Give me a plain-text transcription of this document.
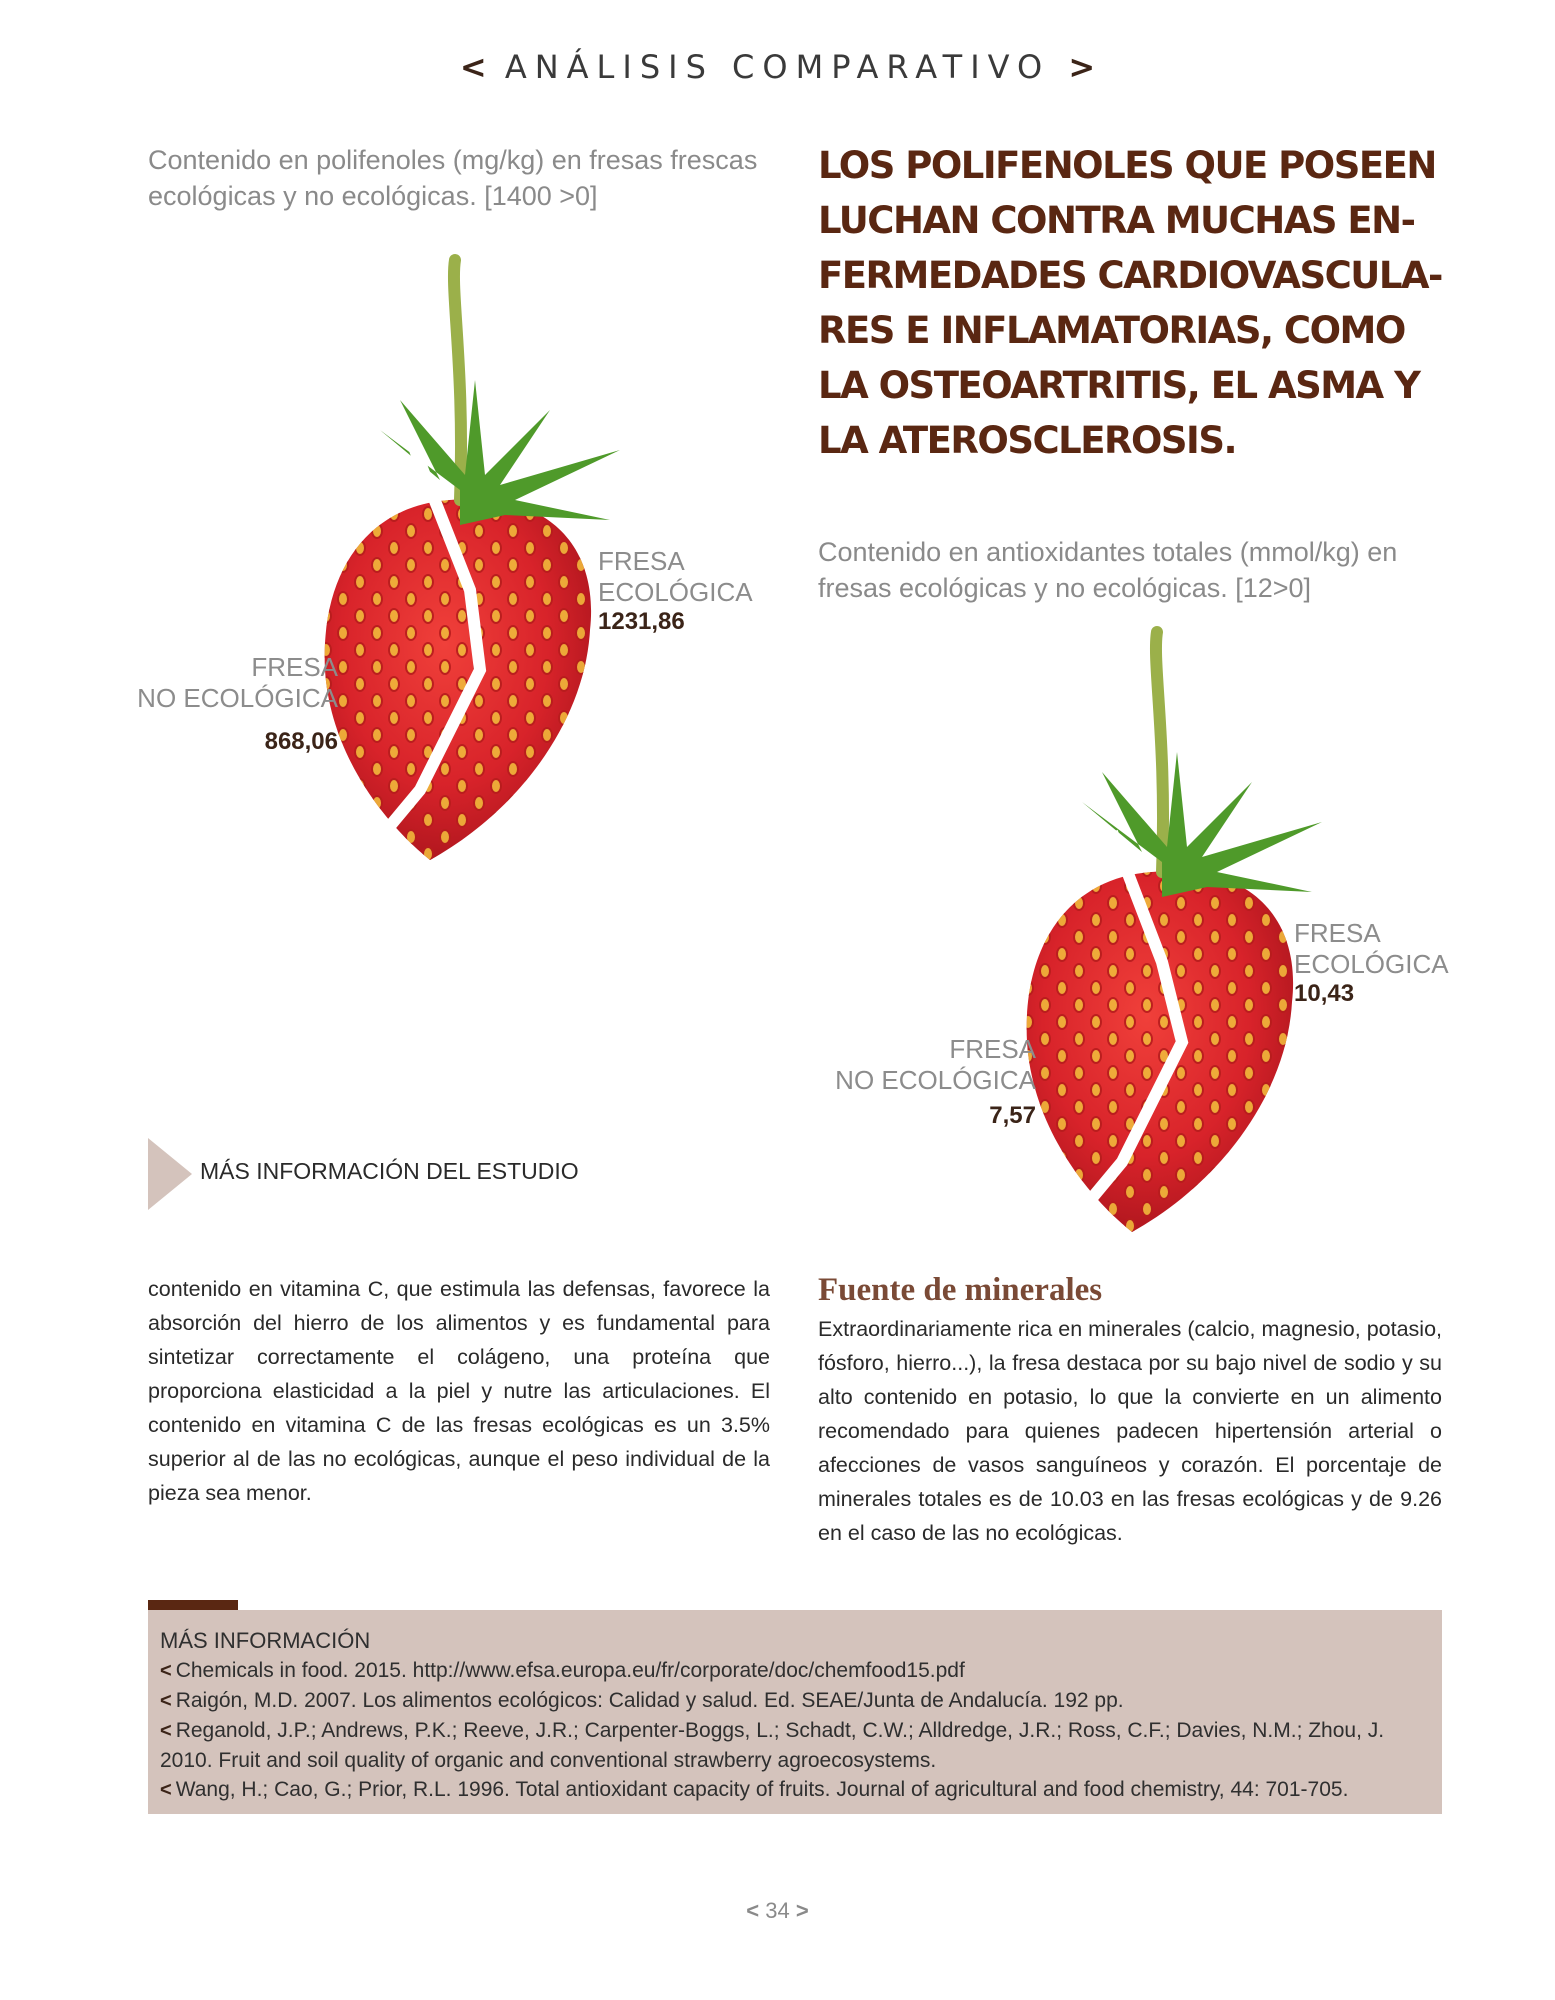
< ANÁLISIS COMPARATIVO >
Contenido en polifenoles (mg/kg) en fresas frescas ecológicas y no ecológicas. [1400 >0]
LOS POLIFENOLES QUE POSEEN LUCHAN CONTRA MUCHAS EN-FERMEDADES CARDIOVASCULA-RES E INFLAMATORIAS, COMO LA OSTEOARTRITIS, EL ASMA Y LA ATEROSCLEROSIS.
FRESA
ECOLÓGICA
1231,86
FRESA
NO ECOLÓGICA
868,06
Contenido en antioxidantes totales (mmol/kg) en fresas ecológicas y no ecológicas. [12>0]
FRESA
ECOLÓGICA
10,43
FRESA
NO ECOLÓGICA
7,57
MÁS INFORMACIÓN DEL ESTUDIO
contenido en vitamina C, que estimula las defensas, favorece la absorción del hierro de los alimentos y es fundamental para sintetizar correctamente el colágeno, una proteína que proporciona elasticidad a la piel y nutre las articulaciones. El contenido en vitamina C de las fresas ecológicas es un 3.5% superior al de las no ecológicas, aunque el peso individual de la pieza sea menor.
Fuente de minerales
Extraordinariamente rica en minerales (calcio, magnesio, potasio, fósforo, hierro...), la fresa destaca por su bajo nivel de sodio y su alto contenido en potasio, lo que la convierte en un alimento recomendado para quienes padecen hipertensión arterial o afecciones de vasos sanguíneos y corazón. El porcentaje de minerales totales es de 10.03 en las fresas ecológicas y de 9.26 en el caso de las no ecológicas.
MÁS INFORMACIÓN
< Chemicals in food. 2015. http://www.efsa.europa.eu/fr/corporate/doc/chemfood15.pdf
< Raigón, M.D. 2007. Los alimentos ecológicos: Calidad y salud. Ed. SEAE/Junta de Andalucía. 192 pp.
< Reganold, J.P.; Andrews, P.K.; Reeve, J.R.; Carpenter-Boggs, L.; Schadt, C.W.; Alldredge, J.R.; Ross, C.F.; Davies, N.M.; Zhou, J. 2010. Fruit and soil quality of organic and conventional strawberry agroecosystems.
< Wang, H.; Cao, G.; Prior, R.L. 1996. Total antioxidant capacity of fruits. Journal of agricultural and food chemistry, 44: 701-705.
< 34 >
